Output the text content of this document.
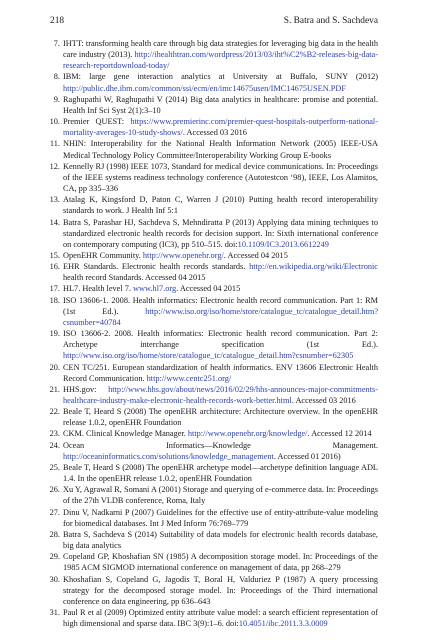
218	S. Batra and S. Sachdeva
7. IHTT: transforming health care through big data strategies for leveraging big data in the health care industry (2013). http://ihealthtran.com/wordpress/2013/03/iht%C2%B2-releases-big-data-research-reportdownload-today/
8. IBM: large gene interaction analytics at University at Buffalo, SUNY (2012) http://public.dhe.ibm.com/common/ssi/ecm/en/imc14675usen/IMC14675USEN.PDF
9. Raghupathi W, Raghupathi V (2014) Big data analytics in healthcare: promise and potential. Health Inf Sci Syst 2(1):3–10
10. Premier QUEST: https://www.premierinc.com/premier-quest-hospitals-outperform-national-mortality-averages-10-study-shows/. Accessed 03 2016
11. NHIN: Interoperability for the National Health Information Network (2005) IEEE-USA Medical Technology Policy Committee/Interoperability Working Group E-books
12. Kennelly RJ (1998) IEEE 1073, Standard for medical device communications. In: Proceedings of the IEEE systems readiness technology conference (Autotestcon ‘98), IEEE, Los Alamitos, CA, pp 335–336
13. Atalag K, Kingsford D, Paton C, Warren J (2010) Putting health record interoperability standards to work. J Health Inf 5:1
14. Batra S, Parashar HJ, Sachdeva S, Mehndiratta P (2013) Applying data mining techniques to standardized electronic health records for decision support. In: Sixth international conference on contemporary computing (IC3), pp 510–515. doi:10.1109/IC3.2013.6612249
15. OpenEHR Community. http://www.openehr.org/. Accessed 04 2015
16. EHR Standards. Electronic health records standards. http://en.wikipedia.org/wiki/Electronic health record Standards. Accessed 04 2015
17. HL7. Health level 7. www.hl7.org. Accessed 04 2015
18. ISO 13606-1. 2008. Health informatics: Electronic health record communication. Part 1: RM (1st Ed.). http://www.iso.org/iso/home/store/catalogue_tc/catalogue_detail.htm?csnumber=40784
19. ISO 13606-2. 2008. Health informatics: Electronic health record communication. Part 2: Archetype interchange specification (1st Ed.). http://www.iso.org/iso/home/store/catalogue_tc/catalogue_detail.htm?csnumber=62305
20. CEN TC/251. European standardization of health informatics. ENV 13606 Electronic Health Record Communication. http://www.centc251.org/
21. HHS.gov: http://www.hhs.gov/about/news/2016/02/29/hhs-announces-major-commitments-healthcare-industry-make-electronic-health-records-work-better.html. Accessed 03 2016
22. Beale T, Heard S (2008) The openEHR architecture: Architecture overview. In the openEHR release 1.0.2, openEHR Foundation
23. CKM. Clinical Knowledge Manager. http://www.openehr.org/knowledge/. Accessed 12 2014
24. Ocean Informatics—Knowledge Management. http://oceaninformatics.com/solutions/knowledge_management. Accessed 01 2016)
25. Beale T, Heard S (2008) The openEHR archetype model—archetype definition language ADL 1.4. In the openEHR release 1.0.2, openEHR Foundation
26. Xu Y, Agrawal R, Somani A (2001) Storage and querying of e-commerce data. In: Proceedings of the 27th VLDB conference, Roma, Italy
27. Dinu V, Nadkarni P (2007) Guidelines for the effective use of entity-attribute-value modeling for biomedical databases. Int J Med Inform 76:769–779
28. Batra S, Sachdeva S (2014) Suitability of data models for electronic health records database, big data analytics
29. Copeland GP, Khoshafian SN (1985) A decomposition storage model. In: Proceedings of the 1985 ACM SIGMOD international conference on management of data, pp 268–279
30. Khoshafian S, Copeland G, Jagodis T, Boral H, Valduriez P (1987) A query processing strategy for the decomposed storage model. In: Proceedings of the Third international conference on data engineering, pp 636–643
31. Paul R et al (2009) Optimized entity attribute value model: a search efficient representation of high dimensional and sparse data. IBC 3(9):1–6. doi:10.4051/ibc.2011.3.3.0009
